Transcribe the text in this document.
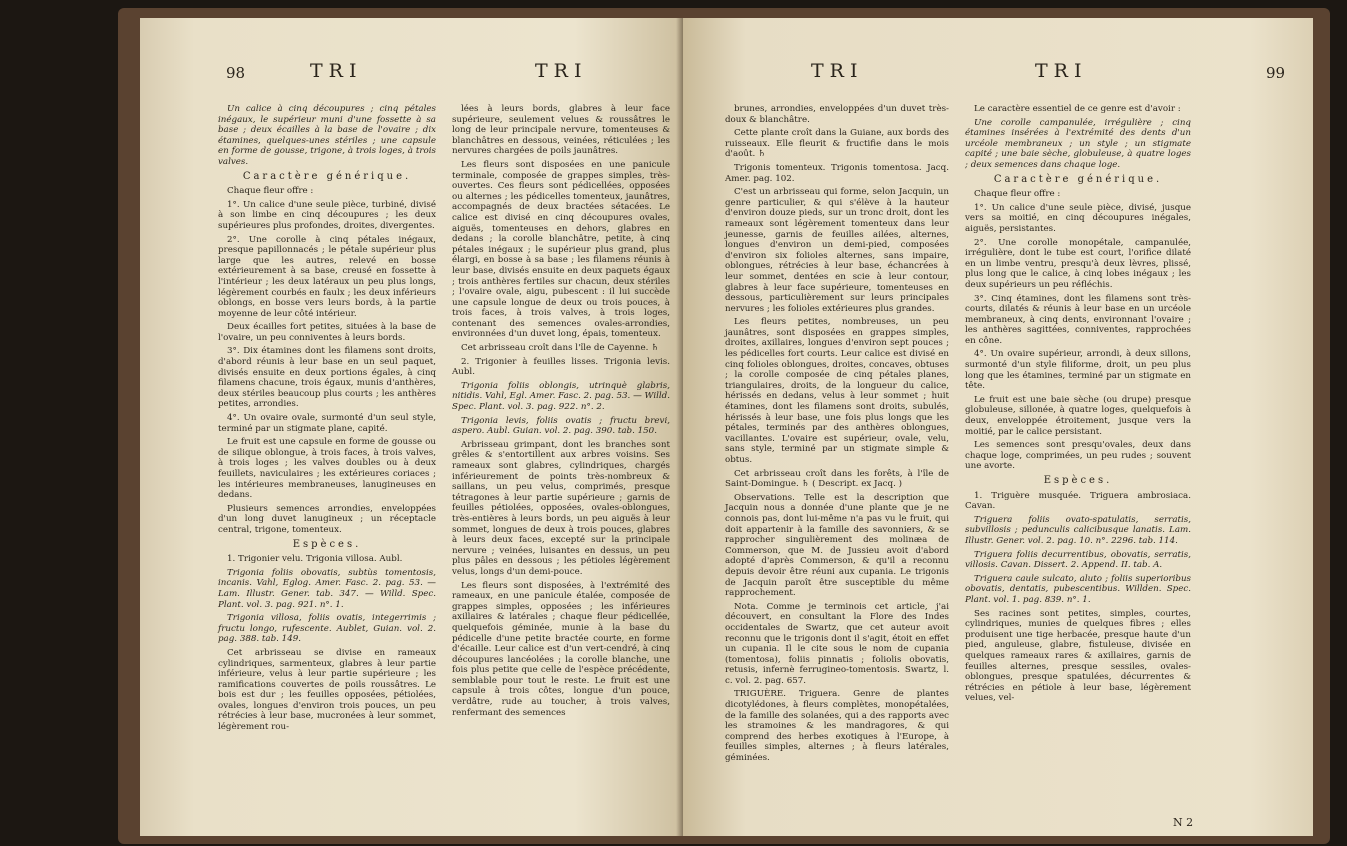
98	TRI	TRI

Un calice à cinq découpures ; cinq pétales inégaux, le supérieur muni d'une fossette à sa base ; deux écailles à la base de l'ovaire ; dix étamines, quelques-unes stériles ; une capsule en forme de gousse, trigone, à trois loges, à trois valves.

Caractère générique.

Chaque fleur offre :

1°. Un calice d'une seule pièce, turbiné, divisé à son limbe en cinq découpures ; les deux supérieures plus profondes, droites, divergentes.

2°. Une corolle à cinq pétales inégaux, presque papillonnacés ; le pétale supérieur plus large que les autres, relevé en bosse extérieurement à sa base, creusé en fossette à l'intérieur ; les deux latéraux un peu plus longs, légèrement courbés en faulx ; les deux inférieurs oblongs, en bosse vers leurs bords, à la partie moyenne de leur côté intérieur.

Deux écailles fort petites, situées à la base de l'ovaire, un peu conniventes à leurs bords.

3°. Dix étamines dont les filamens sont droits, d'abord réunis à leur base en un seul paquet, divisés ensuite en deux portions égales, à cinq filamens chacune, trois égaux, munis d'anthères, deux stériles beaucoup plus courts ; les anthères petites, arrondies.

4°. Un ovaire ovale, surmonté d'un seul style, terminé par un stigmate plane, capité.

Le fruit est une capsule en forme de gousse ou de silique oblongue, à trois faces, à trois valves, à trois loges ; les valves doubles ou à deux feuillets, naviculaires ; les extérieures coriaces ; les intérieures membraneuses, lanugineuses en dedans.

Plusieurs semences arrondies, enveloppées d'un long duvet lanugineux ; un réceptacle central, trigone, tomenteux.

Espèces.

1. Trigonier velu. Trigonia villosa. Aubl.

Trigonia foliis obovatis, subtùs tomentosis, incanis. Vahl, Eglog. Amer. Fasc. 2. pag. 53. — Lam. Illustr. Gener. tab. 347. — Willd. Spec. Plant. vol. 3. pag. 921. n°. 1.

Trigonia villosa, foliis ovatis, integerrimis ; fructu longo, rufescente. Aublet, Guian. vol. 2. pag. 388. tab. 149.

Cet arbrisseau se divise en rameaux cylindriques, sarmenteux, glabres à leur partie inférieure, velus à leur partie supérieure ; les ramifications couvertes de poils roussâtres. Le bois est dur ; les feuilles opposées, pétiolées, ovales, longues d'environ trois pouces, un peu rétrécies à leur base, mucronées à leur sommet, légèrement rou-

lées à leurs bords, glabres à leur face supérieure, seulement velues & roussâtres le long de leur principale nervure, tomenteuses & blanchâtres en dessous, veinées, réticulées ; les nervures chargées de poils jaunâtres.

Les fleurs sont disposées en une panicule terminale, composée de grappes simples, très-ouvertes. Ces fleurs sont pédicellées, opposées ou alternes ; les pédicelles tomenteux, jaunâtres, accompagnés de deux bractées sétacées. Le calice est divisé en cinq découpures ovales, aiguës, tomenteuses en dehors, glabres en dedans ; la corolle blanchâtre, petite, à cinq pétales inégaux ; le supérieur plus grand, plus élargi, en bosse à sa base ; les filamens réunis à leur base, divisés ensuite en deux paquets égaux ; trois anthères fertiles sur chacun, deux stériles ; l'ovaire ovale, aigu, pubescent : il lui succède une capsule longue de deux ou trois pouces, à trois faces, à trois valves, à trois loges, contenant des semences ovales-arrondies, environnées d'un duvet long, épais, tomenteux.

Cet arbrisseau croît dans l'île de Cayenne. ♄

2. Trigonier à feuilles lisses. Trigonia levis. Aubl.

Trigonia foliis oblongis, utrinquè glabris, nitidis. Vahl, Egl. Amer. Fasc. 2. pag. 53. — Willd. Spec. Plant. vol. 3. pag. 922. n°. 2.

Trigonia levis, foliis ovatis ; fructu brevi, aspero. Aubl. Guian. vol. 2. pag. 390. tab. 150.

Arbrisseau grimpant, dont les branches sont grêles & s'entortillent aux arbres voisins. Ses rameaux sont glabres, cylindriques, chargés inférieurement de points très-nombreux & saillans, un peu velus, comprimés, presque tétragones à leur partie supérieure ; garnis de feuilles pétiolées, opposées, ovales-oblongues, très-entières à leurs bords, un peu aiguës à leur sommet, longues de deux à trois pouces, glabres à leurs deux faces, excepté sur la principale nervure ; veinées, luisantes en dessus, un peu plus pâles en dessous ; les pétioles légèrement velus, longs d'un demi-pouce.

Les fleurs sont disposées, à l'extrémité des rameaux, en une panicule étalée, composée de grappes simples, opposées ; les inférieures axillaires & latérales ; chaque fleur pédicellée, quelquefois géminée, munie à la base du pédicelle d'une petite bractée courte, en forme d'écaille. Leur calice est d'un vert-cendré, à cinq découpures lancéolées ; la corolle blanche, une fois plus petite que celle de l'espèce précédente, semblable pour tout le reste. Le fruit est une capsule à trois côtes, longue d'un pouce, verdâtre, rude au toucher, à trois valves, renfermant des semences

TRI	TRI	99

brunes, arrondies, enveloppées d'un duvet très-doux & blanchâtre.

Cette plante croît dans la Guiane, aux bords des ruisseaux. Elle fleurit & fructifie dans le mois d'août. ♄

Trigonis tomenteux. Trigonis tomentosa. Jacq. Amer. pag. 102.

C'est un arbrisseau qui forme, selon Jacquin, un genre particulier, & qui s'élève à la hauteur d'environ douze pieds, sur un tronc droit, dont les rameaux sont légèrement tomenteux dans leur jeunesse, garnis de feuilles ailées, alternes, longues d'environ un demi-pied, composées d'environ six folioles alternes, sans impaire, oblongues, rétrécies à leur base, échancrées à leur sommet, dentées en scie à leur contour, glabres à leur face supérieure, tomenteuses en dessous, particulièrement sur leurs principales nervures ; les folioles extérieures plus grandes.

Les fleurs petites, nombreuses, un peu jaunâtres, sont disposées en grappes simples, droites, axillaires, longues d'environ sept pouces ; les pédicelles fort courts. Leur calice est divisé en cinq folioles oblongues, droites, concaves, obtuses ; la corolle composée de cinq pétales planes, triangulaires, droits, de la longueur du calice, hérissés en dedans, velus à leur sommet ; huit étamines, dont les filamens sont droits, subulés, hérissés à leur base, une fois plus longs que les pétales, terminés par des anthères oblongues, vacillantes. L'ovaire est supérieur, ovale, velu, sans style, terminé par un stigmate simple & obtus.

Cet arbrisseau croît dans les forêts, à l'île de Saint-Domingue. ♄ ( Descript. ex Jacq. )

Observations. Telle est la description que Jacquin nous a donnée d'une plante que je ne connois pas, dont lui-même n'a pas vu le fruit, qui doit appartenir à la famille des savonniers, & se rapprocher singulièrement des molinæa de Commerson, que M. de Jussieu avoit d'abord adopté d'après Commerson, & qu'il a reconnu depuis devoir être réuni aux cupania. Le trigonis de Jacquin paroît être susceptible du même rapprochement.

Nota. Comme je terminois cet article, j'ai découvert, en consultant la Flore des Indes occidentales de Swartz, que cet auteur avoit reconnu que le trigonis dont il s'agit, étoit en effet un cupania. Il le cite sous le nom de cupania (tomentosa), foliis pinnatis ; foliolis obovatis, retusis, infernè ferrugineo-tomentosis. Swartz, l. c. vol. 2. pag. 657.

TRIGUÈRE. Triguera. Genre de plantes dicotylédones, à fleurs complètes, monopétalées, de la famille des solanées, qui a des rapports avec les stramoines & les mandragores, & qui comprend des herbes exotiques à l'Europe, à feuilles simples, alternes ; à fleurs latérales, géminées.

Le caractère essentiel de ce genre est d'avoir :

Une corolle campanulée, irrégulière ; cinq étamines insérées à l'extrémité des dents d'un urcéole membraneux ; un style ; un stigmate capité ; une baie sèche, globuleuse, à quatre loges ; deux semences dans chaque loge.

Caractère générique.

Chaque fleur offre :

1°. Un calice d'une seule pièce, divisé, jusque vers sa moitié, en cinq découpures inégales, aiguës, persistantes.

2°. Une corolle monopétale, campanulée, irrégulière, dont le tube est court, l'orifice dilaté en un limbe ventru, presqu'à deux lèvres, plissé, plus long que le calice, à cinq lobes inégaux ; les deux supérieurs un peu réfléchis.

3°. Cinq étamines, dont les filamens sont très-courts, dilatés & réunis à leur base en un urcéole membraneux, à cinq dents, environnant l'ovaire ; les anthères sagittées, conniventes, rapprochées en cône.

4°. Un ovaire supérieur, arrondi, à deux sillons, surmonté d'un style filiforme, droit, un peu plus long que les étamines, terminé par un stigmate en tête.

Le fruit est une baie sèche (ou drupe) presque globuleuse, sillonée, à quatre loges, quelquefois à deux, enveloppée étroitement, jusque vers la moitié, par le calice persistant.

Les semences sont presqu'ovales, deux dans chaque loge, comprimées, un peu rudes ; souvent une avorte.

Espèces.

1. Triguère musquée. Triguera ambrosiaca. Cavan.

Triguera foliis ovato-spatulatis, serratis, subvillosis ; pedunculis calicibusque lanatis. Lam. Illustr. Gener. vol. 2. pag. 10. n°. 2296. tab. 114.

Triguera foliis decurrentibus, obovatis, serratis, villosis. Cavan. Dissert. 2. Append. II. tab. A.

Triguera caule sulcato, aluto ; foliis superioribus obovatis, dentatis, pubescentibus. Willden. Spec. Plant. vol. 1. pag. 839. n°. 1.

Ses racines sont petites, simples, courtes, cylindriques, munies de quelques fibres ; elles produisent une tige herbacée, presque haute d'un pied, anguleuse, glabre, fistuleuse, divisée en quelques rameaux rares & axillaires, garnis de feuilles alternes, presque sessiles, ovales-oblongues, presque spatulées, décurrentes & rétrécies en pétiole à leur base, légèrement velues, vel-

N 2
